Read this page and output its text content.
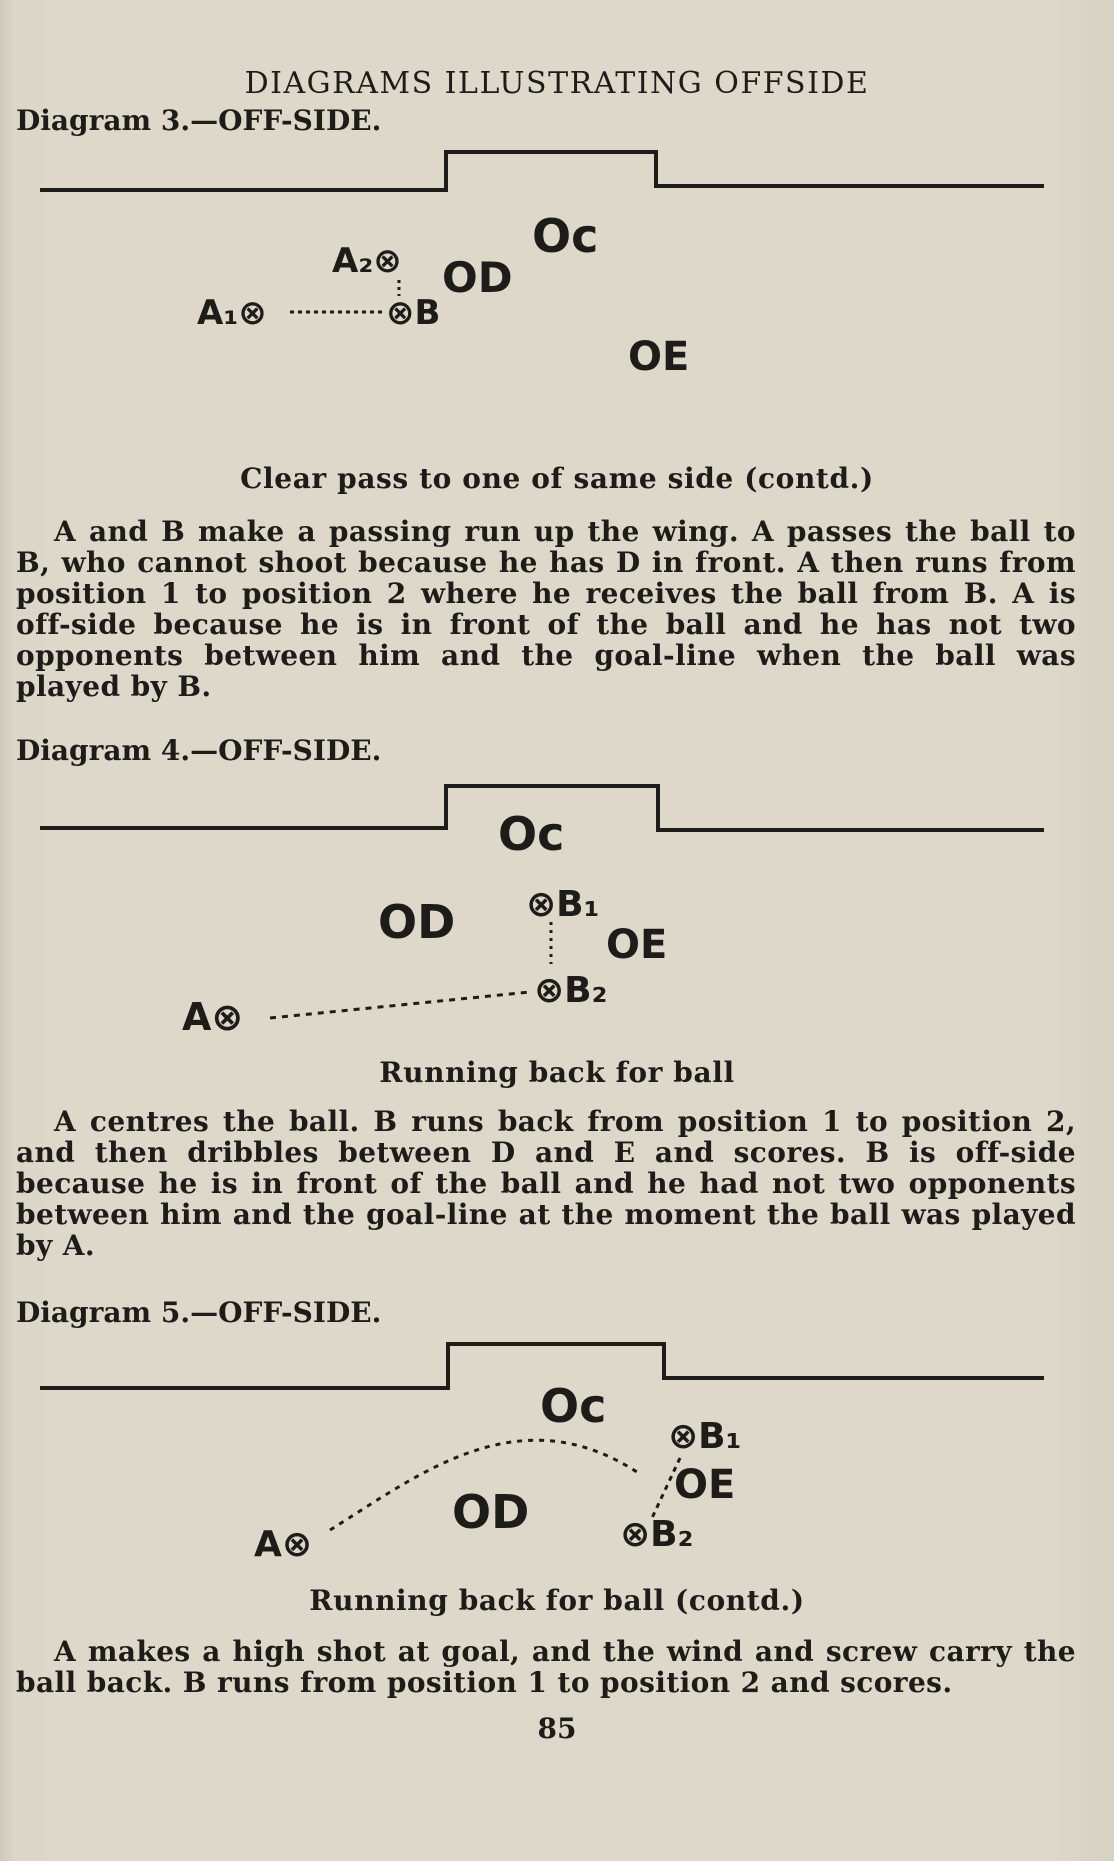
DIAGRAMS ILLUSTRATING OFFSIDE
Diagram 3.—OFF-SIDE.
Oc
A₂⊗ OD
A₁⊗	⊗B
OE
Clear pass to one of same side (contd.)

A and B make a passing run up the wing. A passes the ball to B, who cannot shoot because he has D in front. A then runs from position 1 to position 2 where he receives the ball from B. A is off-side because he is in front of the ball and he has not two opponents between him and the goal-line when the ball was played by B.

Diagram 4.—OFF-SIDE.
Oc
OD ⊗B₁
OE
⊗B₂
A⊗
Running back for ball

A centres the ball. B runs back from position 1 to position 2, and then dribbles between D and E and scores. B is off-side because he is in front of the ball and he had not two opponents between him and the goal-line at the moment the ball was played by A.

Diagram 5.—OFF-SIDE.
Oc
⊗B₁
OE
OD	⊗B₂
A⊗
Running back for ball (contd.)

A makes a high shot at goal, and the wind and screw carry the ball back. B runs from position 1 to position 2 and scores.

85
